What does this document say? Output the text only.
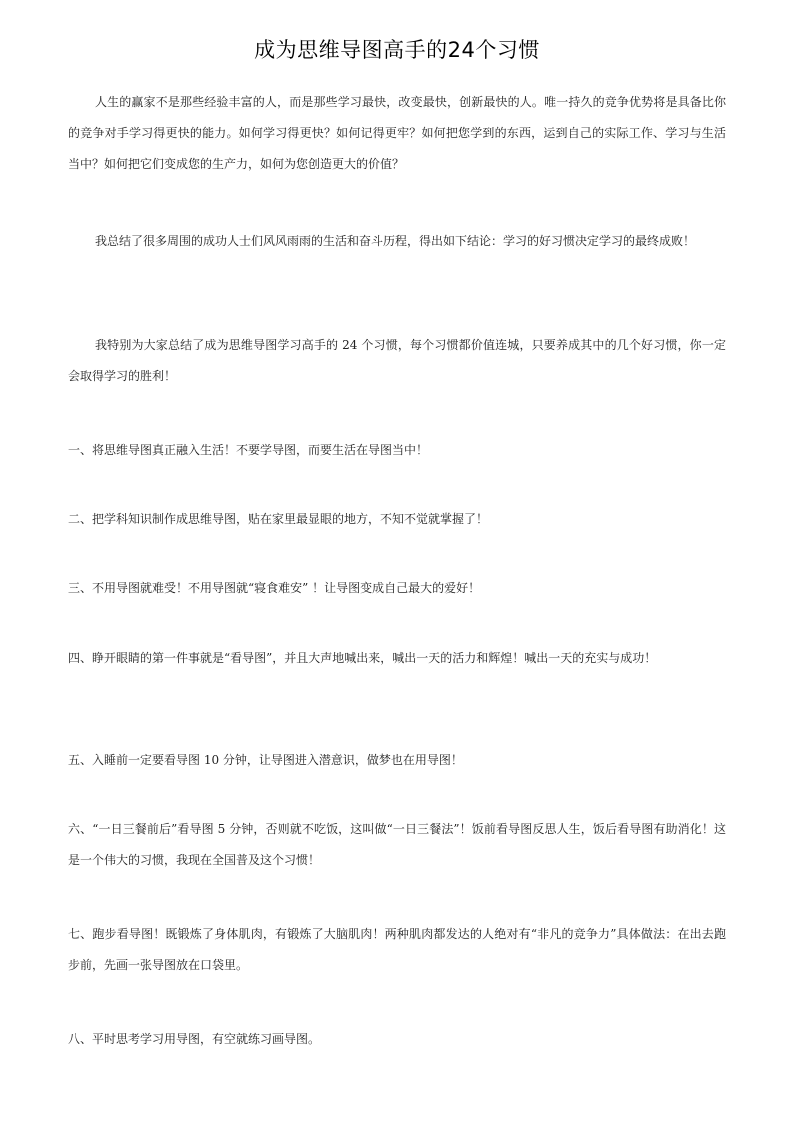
成为思维导图高手的24个习惯

人生的赢家不是那些经验丰富的人，而是那些学习最快，改变最快，创新最快的人。唯一持久的竞争优势将是具备比你的竞争对手学习得更快的能力。如何学习得更快？如何记得更牢？如何把您学到的东西，运到自己的实际工作、学习与生活当中？如何把它们变成您的生产力，如何为您创造更大的价值？

我总结了很多周围的成功人士们风风雨雨的生活和奋斗历程，得出如下结论：学习的好习惯决定学习的最终成败！

我特别为大家总结了成为思维导图学习高手的 24 个习惯，每个习惯都价值连城，只要养成其中的几个好习惯，你一定会取得学习的胜利！

一、将思维导图真正融入生活！不要学导图，而要生活在导图当中！

二、把学科知识制作成思维导图，贴在家里最显眼的地方，不知不觉就掌握了！

三、不用导图就难受！不用导图就“寝食难安” ！让导图变成自己最大的爱好！

四、睁开眼睛的第一件事就是“看导图”，并且大声地喊出来，喊出一天的活力和辉煌！喊出一天的充实与成功！

五、入睡前一定要看导图 10 分钟，让导图进入潜意识，做梦也在用导图！

六、“一日三餐前后”看导图 5 分钟，否则就不吃饭，这叫做“一日三餐法”！饭前看导图反思人生，饭后看导图有助消化！这是一个伟大的习惯，我现在全国普及这个习惯！

七、跑步看导图！既锻炼了身体肌肉，有锻炼了大脑肌肉！两种肌肉都发达的人绝对有“非凡的竞争力”具体做法：在出去跑步前，先画一张导图放在口袋里。

八、平时思考学习用导图，有空就练习画导图。
